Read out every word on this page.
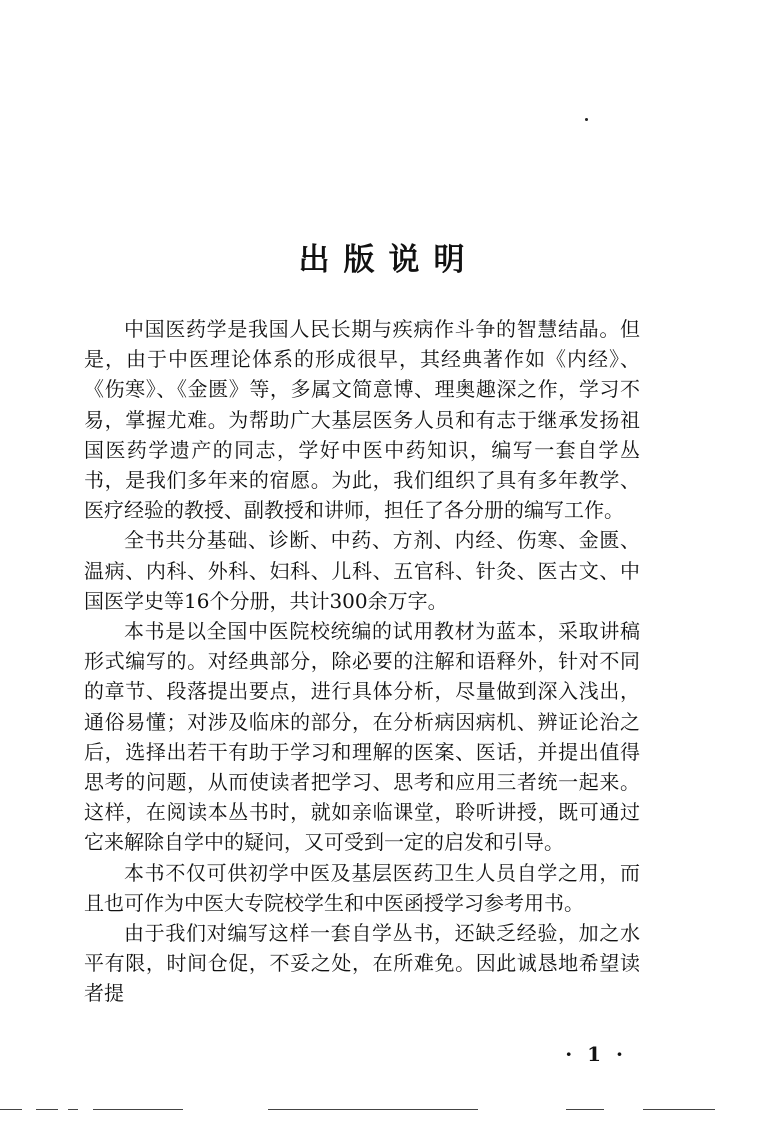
出版说明

中国医药学是我国人民长期与疾病作斗争的智慧结晶。但是，由于中医理论体系的形成很早，其经典著作如《内经》、《伤寒》、《金匮》等，多属文简意博、理奥趣深之作，学习不易，掌握尤难。为帮助广大基层医务人员和有志于继承发扬祖国医药学遗产的同志，学好中医中药知识，编写一套自学丛书，是我们多年来的宿愿。为此，我们组织了具有多年教学、医疗经验的教授、副教授和讲师，担任了各分册的编写工作。

全书共分基础、诊断、中药、方剂、内经、伤寒、金匮、温病、内科、外科、妇科、儿科、五官科、针灸、医古文、中国医学史等16个分册，共计300余万字。

本书是以全国中医院校统编的试用教材为蓝本，采取讲稿形式编写的。对经典部分，除必要的注解和语释外，针对不同的章节、段落提出要点，进行具体分析，尽量做到深入浅出，通俗易懂；对涉及临床的部分，在分析病因病机、辨证论治之后，选择出若干有助于学习和理解的医案、医话，并提出值得思考的问题，从而使读者把学习、思考和应用三者统一起来。这样，在阅读本丛书时，就如亲临课堂，聆听讲授，既可通过它来解除自学中的疑问，又可受到一定的启发和引导。

本书不仅可供初学中医及基层医药卫生人员自学之用，而且也可作为中医大专院校学生和中医函授学习参考用书。

由于我们对编写这样一套自学丛书，还缺乏经验，加之水平有限，时间仓促，不妥之处，在所难免。因此诚恳地希望读者提

· 1 ·
